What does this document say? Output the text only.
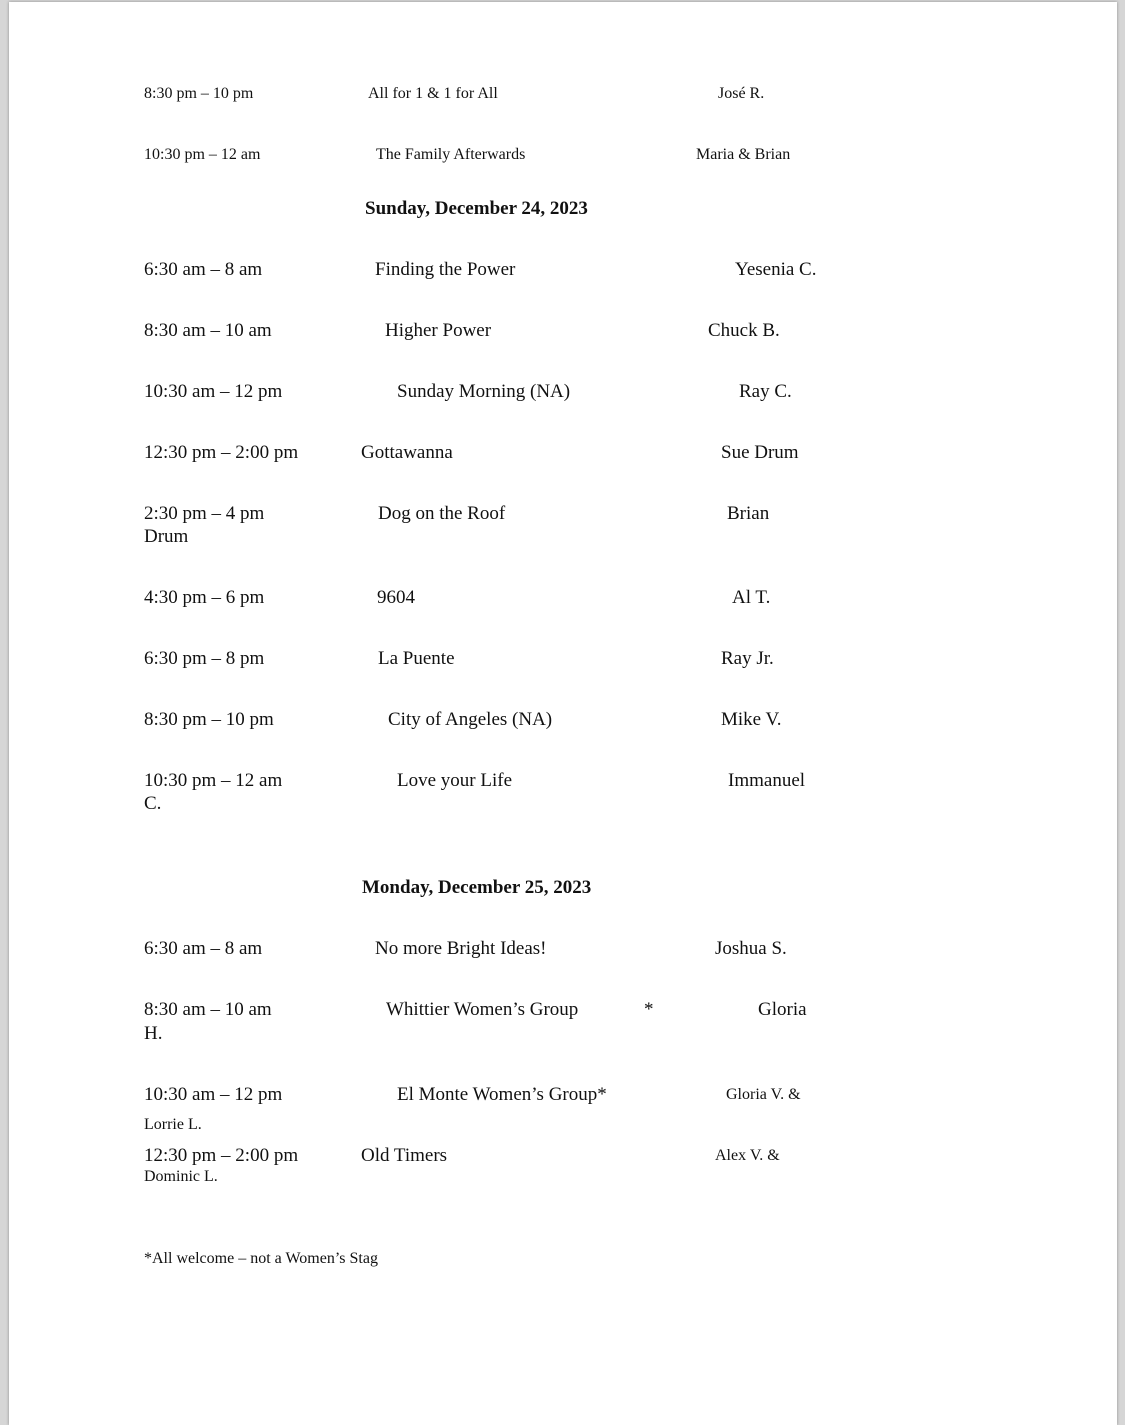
8:30 pm – 10 pm	All for 1 & 1 for All	José R.
10:30 pm – 12 am	The Family Afterwards	Maria & Brian
Sunday, December 24, 2023
6:30 am – 8 am	Finding the Power	Yesenia C.
8:30 am – 10 am	Higher Power	Chuck B.
10:30 am – 12 pm	Sunday Morning (NA)	Ray C.
12:30 pm – 2:00 pm	Gottawanna	Sue Drum
2:30 pm – 4 pm	Dog on the Roof	Brian
Drum
4:30 pm – 6 pm	9604	Al T.
6:30 pm – 8 pm	La Puente	Ray Jr.
8:30 pm – 10 pm	City of Angeles (NA)	Mike V.
10:30 pm – 12 am	Love your Life	Immanuel
C.
Monday, December 25, 2023
6:30 am – 8 am	No more Bright Ideas!	Joshua S.
8:30 am – 10 am	Whittier Women’s Group	*	Gloria
H.
10:30 am – 12 pm	El Monte Women’s Group*	Gloria V. &
Lorrie L.
12:30 pm – 2:00 pm	Old Timers	Alex V. &
Dominic L.
*All welcome – not a Women’s Stag
